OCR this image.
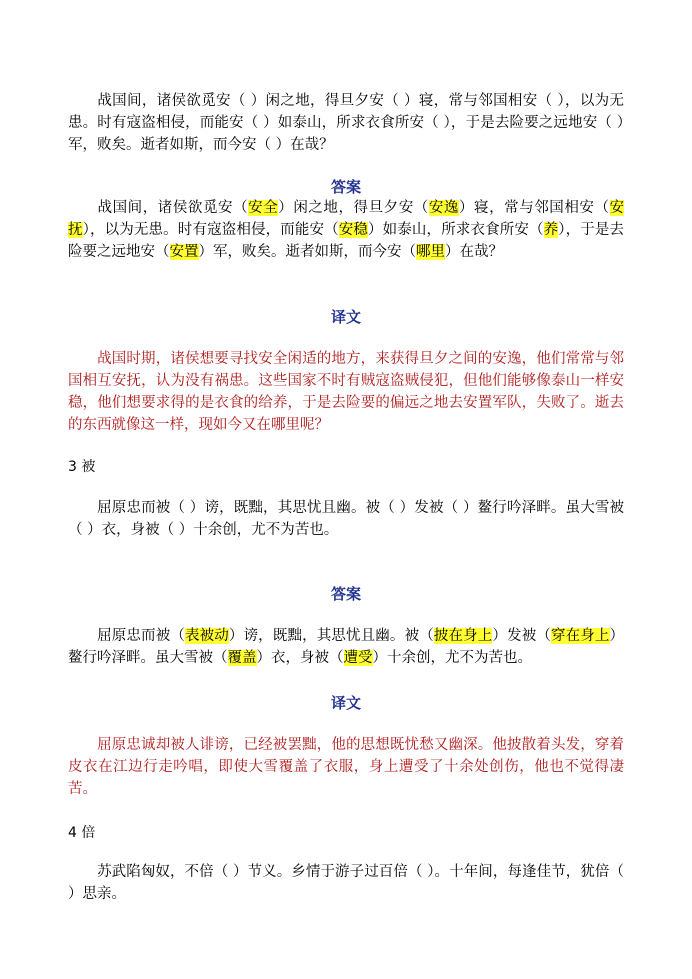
战国间，诸侯欲觅安（ ）闲之地，得旦夕安（ ）寝，常与邻国相安（ ），以为无患。时有寇盗相侵，而能安（ ）如泰山，所求衣食所安（ ），于是去险要之远地安（ ）军，败矣。逝者如斯，而今安（ ）在哉？

答案

战国间，诸侯欲觅安（安全）闲之地，得旦夕安（安逸）寝，常与邻国相安（安抚），以为无患。时有寇盗相侵，而能安（安稳）如泰山，所求衣食所安（养），于是去险要之远地安（安置）军，败矣。逝者如斯，而今安（哪里）在哉？

译文

战国时期，诸侯想要寻找安全闲适的地方，来获得旦夕之间的安逸，他们常常与邻国相互安抚，认为没有祸患。这些国家不时有贼寇盗贼侵犯，但他们能够像泰山一样安稳，他们想要求得的是衣食的给养，于是去险要的偏远之地去安置军队，失败了。逝去的东西就像这一样，现如今又在哪里呢？

3 被

屈原忠而被（ ）谤，既黜，其思忧且幽。被（ ）发被（ ）鳌行吟泽畔。虽大雪被（ ）衣，身被（ ）十余创，尤不为苦也。

答案

屈原忠而被（表被动）谤，既黜，其思忧且幽。被（披在身上）发被（穿在身上）鳌行吟泽畔。虽大雪被（覆盖）衣，身被（遭受）十余创，尤不为苦也。

译文

屈原忠诚却被人诽谤，已经被罢黜，他的思想既忧愁又幽深。他披散着头发，穿着皮衣在江边行走吟唱，即使大雪覆盖了衣服，身上遭受了十余处创伤，他也不觉得凄苦。

4 倍

苏武陷匈奴，不倍（ ）节义。乡情于游子过百倍（ ）。十年间，每逢佳节，犹倍（ ）思亲。
